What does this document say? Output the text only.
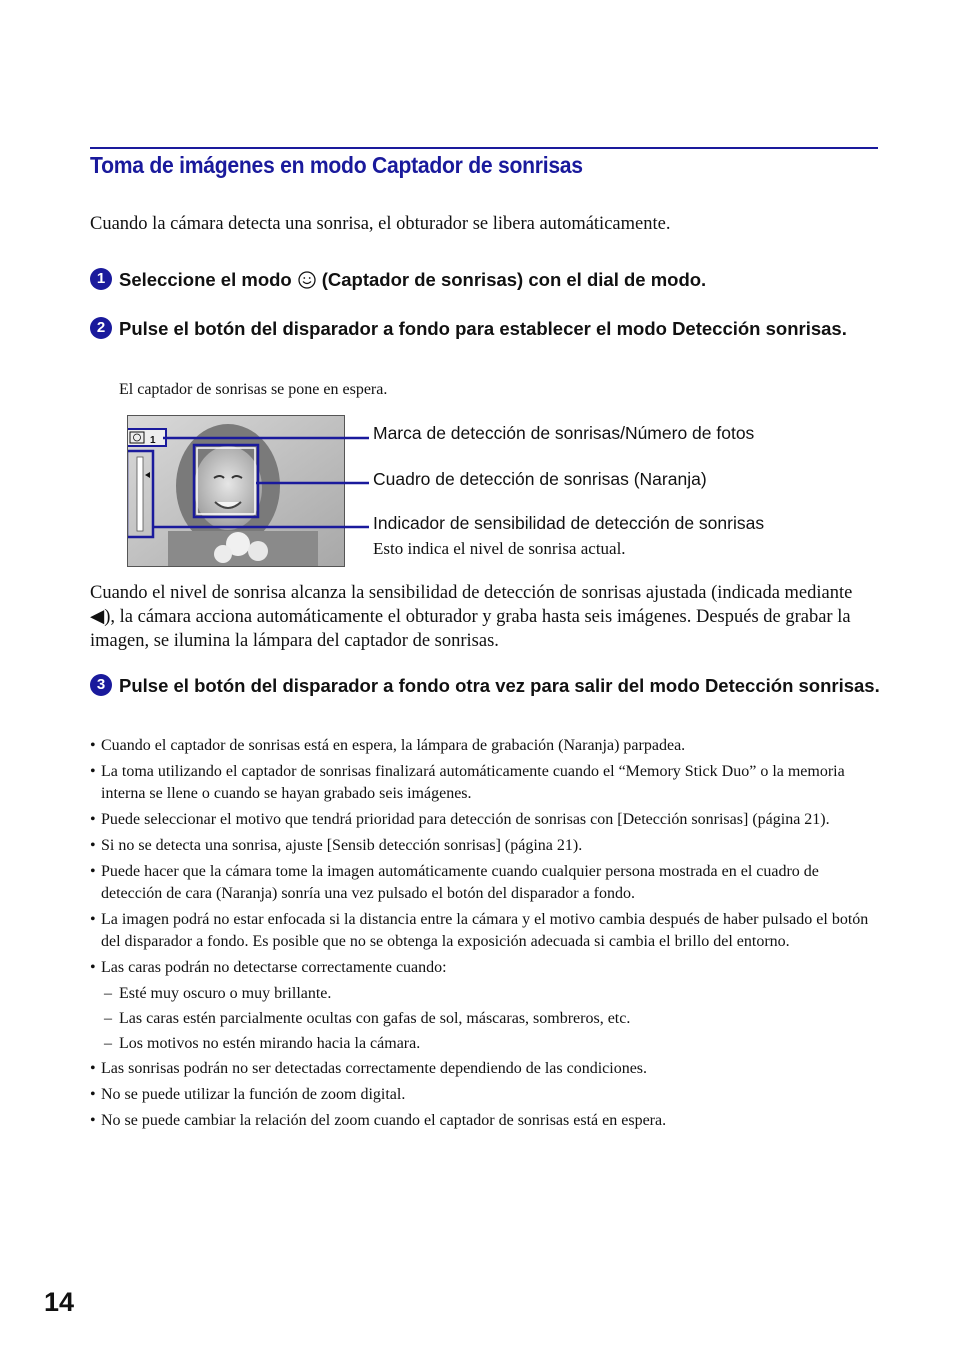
Toma de imágenes en modo Captador de sonrisas
Cuando la cámara detecta una sonrisa, el obturador se libera automáticamente.
1 Seleccione el modo (Captador de sonrisas) con el dial de modo.
2 Pulse el botón del disparador a fondo para establecer el modo Detección sonrisas.
El captador de sonrisas se pone en espera.
1	Marca de detección de sonrisas/Número de fotos
Cuadro de detección de sonrisas (Naranja)
Indicador de sensibilidad de detección de sonrisas
Esto indica el nivel de sonrisa actual.
Cuando el nivel de sonrisa alcanza la sensibilidad de detección de sonrisas ajustada (indicada mediante ◀), la cámara acciona automáticamente el obturador y graba hasta seis imágenes. Después de grabar la imagen, se ilumina la lámpara del captador de sonrisas.
3 Pulse el botón del disparador a fondo otra vez para salir del modo Detección sonrisas.
• Cuando el captador de sonrisas está en espera, la lámpara de grabación (Naranja) parpadea.
• La toma utilizando el captador de sonrisas finalizará automáticamente cuando el “Memory Stick Duo” o la memoria interna se llene o cuando se hayan grabado seis imágenes.
• Puede seleccionar el motivo que tendrá prioridad para detección de sonrisas con [Detección sonrisas] (página 21).
• Si no se detecta una sonrisa, ajuste [Sensib detección sonrisas] (página 21).
• Puede hacer que la cámara tome la imagen automáticamente cuando cualquier persona mostrada en el cuadro de detección de cara (Naranja) sonría una vez pulsado el botón del disparador a fondo.
• La imagen podrá no estar enfocada si la distancia entre la cámara y el motivo cambia después de haber pulsado el botón del disparador a fondo. Es posible que no se obtenga la exposición adecuada si cambia el brillo del entorno.
• Las caras podrán no detectarse correctamente cuando:
– Esté muy oscuro o muy brillante.
– Las caras estén parcialmente ocultas con gafas de sol, máscaras, sombreros, etc.
– Los motivos no estén mirando hacia la cámara.
• Las sonrisas podrán no ser detectadas correctamente dependiendo de las condiciones.
• No se puede utilizar la función de zoom digital.
• No se puede cambiar la relación del zoom cuando el captador de sonrisas está en espera.
14
